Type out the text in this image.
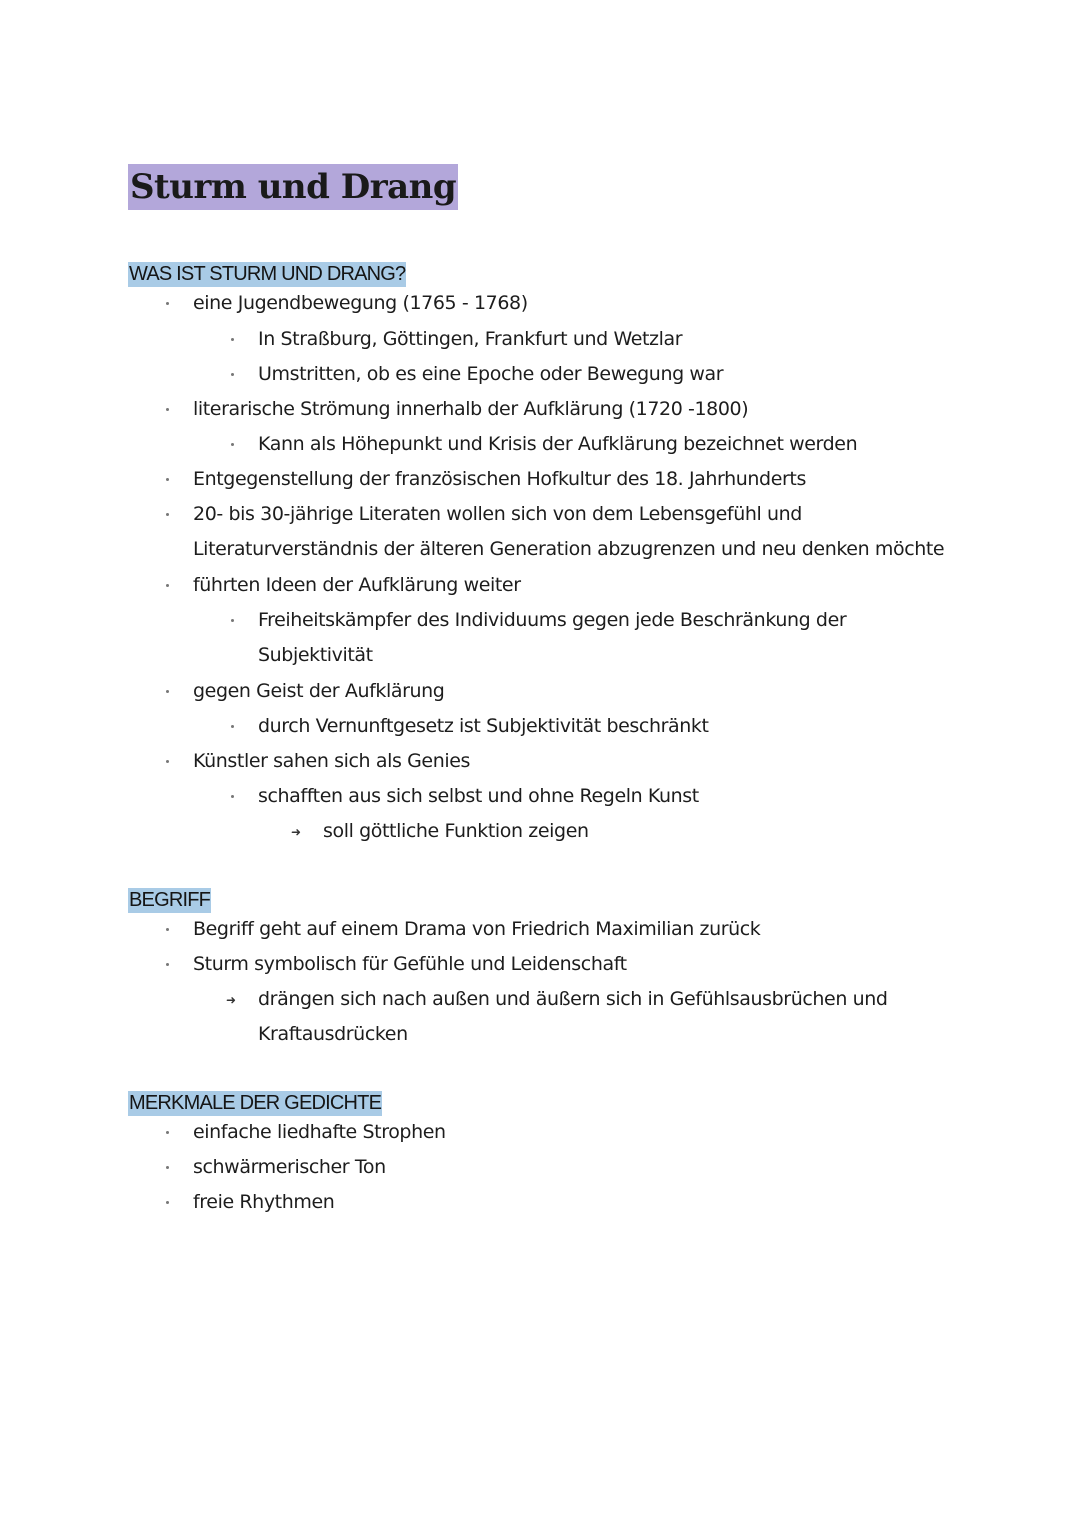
Sturm und Drang
WAS IST STURM UND DRANG?
eine Jugendbewegung (1765 - 1768)
In Straßburg, Göttingen, Frankfurt und Wetzlar
Umstritten, ob es eine Epoche oder Bewegung war
literarische Strömung innerhalb der Aufklärung (1720 -1800)
Kann als Höhepunkt und Krisis der Aufklärung bezeichnet werden
Entgegenstellung der französischen Hofkultur des 18. Jahrhunderts
20- bis 30-jährige Literaten wollen sich von dem Lebensgefühl und
Literaturverständnis der älteren Generation abzugrenzen und neu denken möchte
führten Ideen der Aufklärung weiter
Freiheitskämpfer des Individuums gegen jede Beschränkung der
Subjektivität
gegen Geist der Aufklärung
durch Vernunftgesetz ist Subjektivität beschränkt
Künstler sahen sich als Genies
schafften aus sich selbst und ohne Regeln Kunst
➜ soll göttliche Funktion zeigen
BEGRIFF
Begriff geht auf einem Drama von Friedrich Maximilian zurück
Sturm symbolisch für Gefühle und Leidenschaft
➜ drängen sich nach außen und äußern sich in Gefühlsausbrüchen und
Kraftausdrücken
MERKMALE DER GEDICHTE
einfache liedhafte Strophen
schwärmerischer Ton
freie Rhythmen
